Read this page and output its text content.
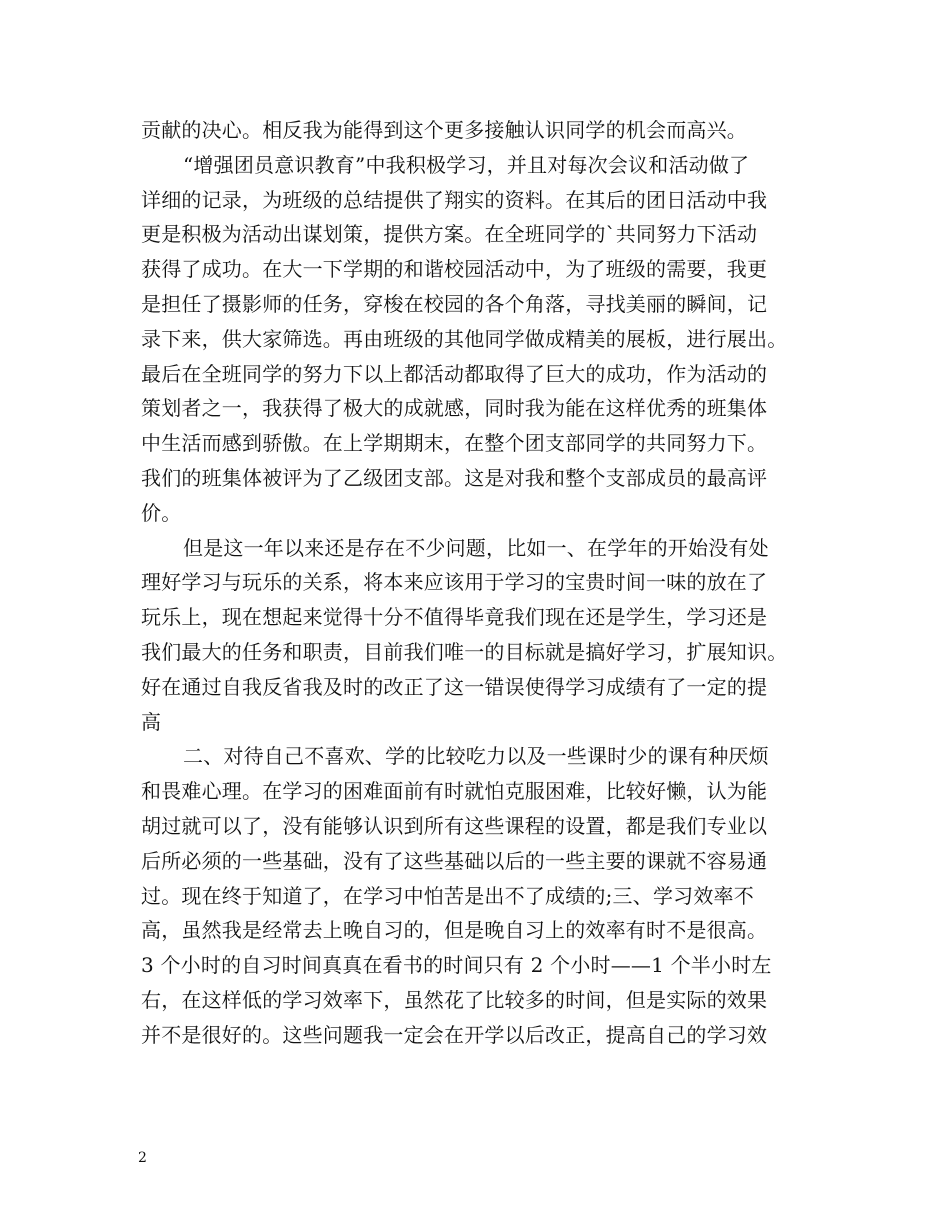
贡献的决心。相反我为能得到这个更多接触认识同学的机会而高兴。
“增强团员意识教育”中我积极学习，并且对每次会议和活动做了
详细的记录，为班级的总结提供了翔实的资料。在其后的团日活动中我
更是积极为活动出谋划策，提供方案。在全班同学的`共同努力下活动
获得了成功。在大一下学期的和谐校园活动中，为了班级的需要，我更
是担任了摄影师的任务，穿梭在校园的各个角落，寻找美丽的瞬间，记
录下来，供大家筛选。再由班级的其他同学做成精美的展板，进行展出。
最后在全班同学的努力下以上都活动都取得了巨大的成功，作为活动的
策划者之一，我获得了极大的成就感，同时我为能在这样优秀的班集体
中生活而感到骄傲。在上学期期末，在整个团支部同学的共同努力下。
我们的班集体被评为了乙级团支部。这是对我和整个支部成员的最高评
价。
但是这一年以来还是存在不少问题，比如一、在学年的开始没有处
理好学习与玩乐的关系，将本来应该用于学习的宝贵时间一味的放在了
玩乐上，现在想起来觉得十分不值得毕竟我们现在还是学生，学习还是
我们最大的任务和职责，目前我们唯一的目标就是搞好学习，扩展知识。
好在通过自我反省我及时的改正了这一错误使得学习成绩有了一定的提
高
二、对待自己不喜欢、学的比较吃力以及一些课时少的课有种厌烦
和畏难心理。在学习的困难面前有时就怕克服困难，比较好懒，认为能
胡过就可以了，没有能够认识到所有这些课程的设置，都是我们专业以
后所必须的一些基础，没有了这些基础以后的一些主要的课就不容易通
过。现在终于知道了，在学习中怕苦是出不了成绩的;三、学习效率不
高，虽然我是经常去上晚自习的，但是晚自习上的效率有时不是很高。
3 个小时的自习时间真真在看书的时间只有 2 个小时——1 个半小时左
右，在这样低的学习效率下，虽然花了比较多的时间，但是实际的效果
并不是很好的。这些问题我一定会在开学以后改正，提高自己的学习效
2
